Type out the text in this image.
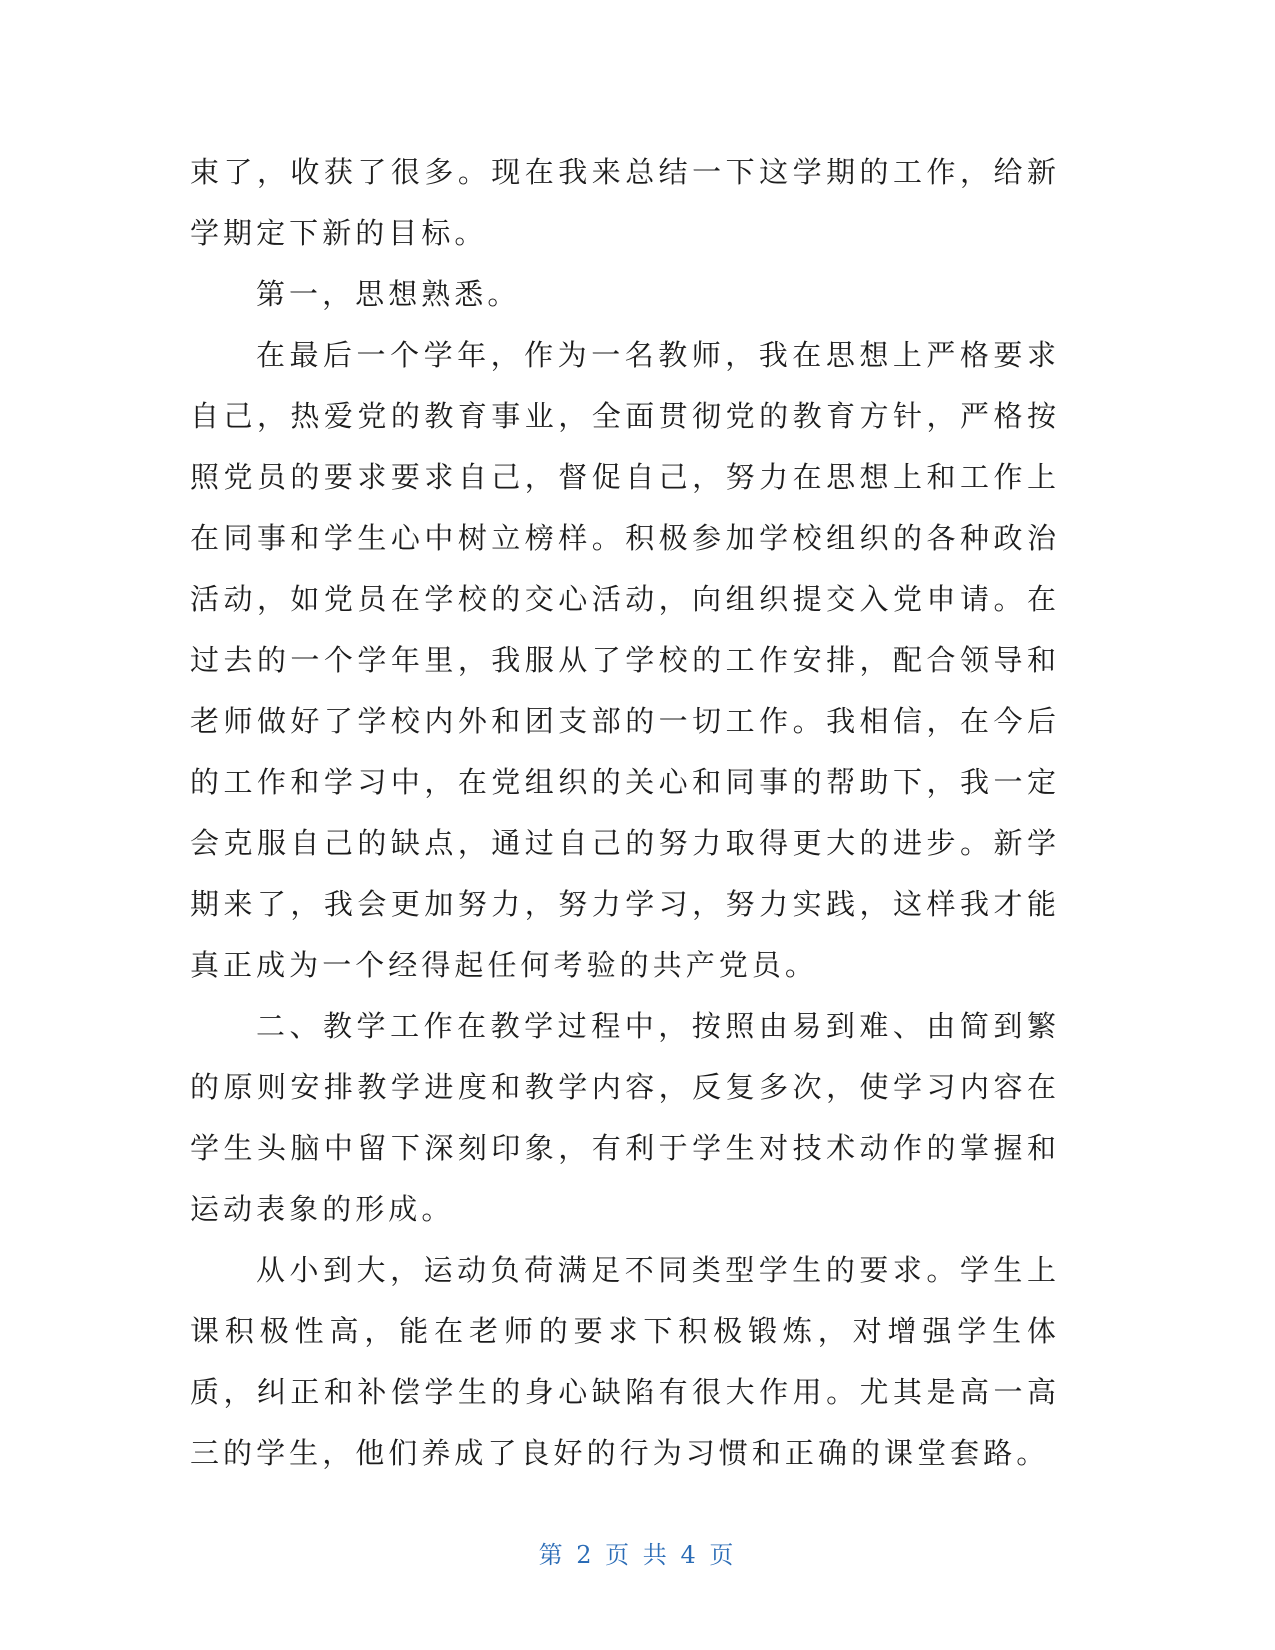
束了，收获了很多。现在我来总结一下这学期的工作，给新学期定下新的目标。

第一，思想熟悉。

在最后一个学年，作为一名教师，我在思想上严格要求自己，热爱党的教育事业，全面贯彻党的教育方针，严格按照党员的要求要求自己，督促自己，努力在思想上和工作上在同事和学生心中树立榜样。积极参加学校组织的各种政治活动，如党员在学校的交心活动，向组织提交入党申请。在过去的一个学年里，我服从了学校的工作安排，配合领导和老师做好了学校内外和团支部的一切工作。我相信，在今后的工作和学习中，在党组织的关心和同事的帮助下，我一定会克服自己的缺点，通过自己的努力取得更大的进步。新学期来了，我会更加努力，努力学习，努力实践，这样我才能真正成为一个经得起任何考验的共产党员。

二、教学工作在教学过程中，按照由易到难、由简到繁的原则安排教学进度和教学内容，反复多次，使学习内容在学生头脑中留下深刻印象，有利于学生对技术动作的掌握和运动表象的形成。

从小到大，运动负荷满足不同类型学生的要求。学生上课积极性高，能在老师的要求下积极锻炼，对增强学生体质，纠正和补偿学生的身心缺陷有很大作用。尤其是高一高三的学生，他们养成了良好的行为习惯和正确的课堂套路。

第 2 页 共 4 页
